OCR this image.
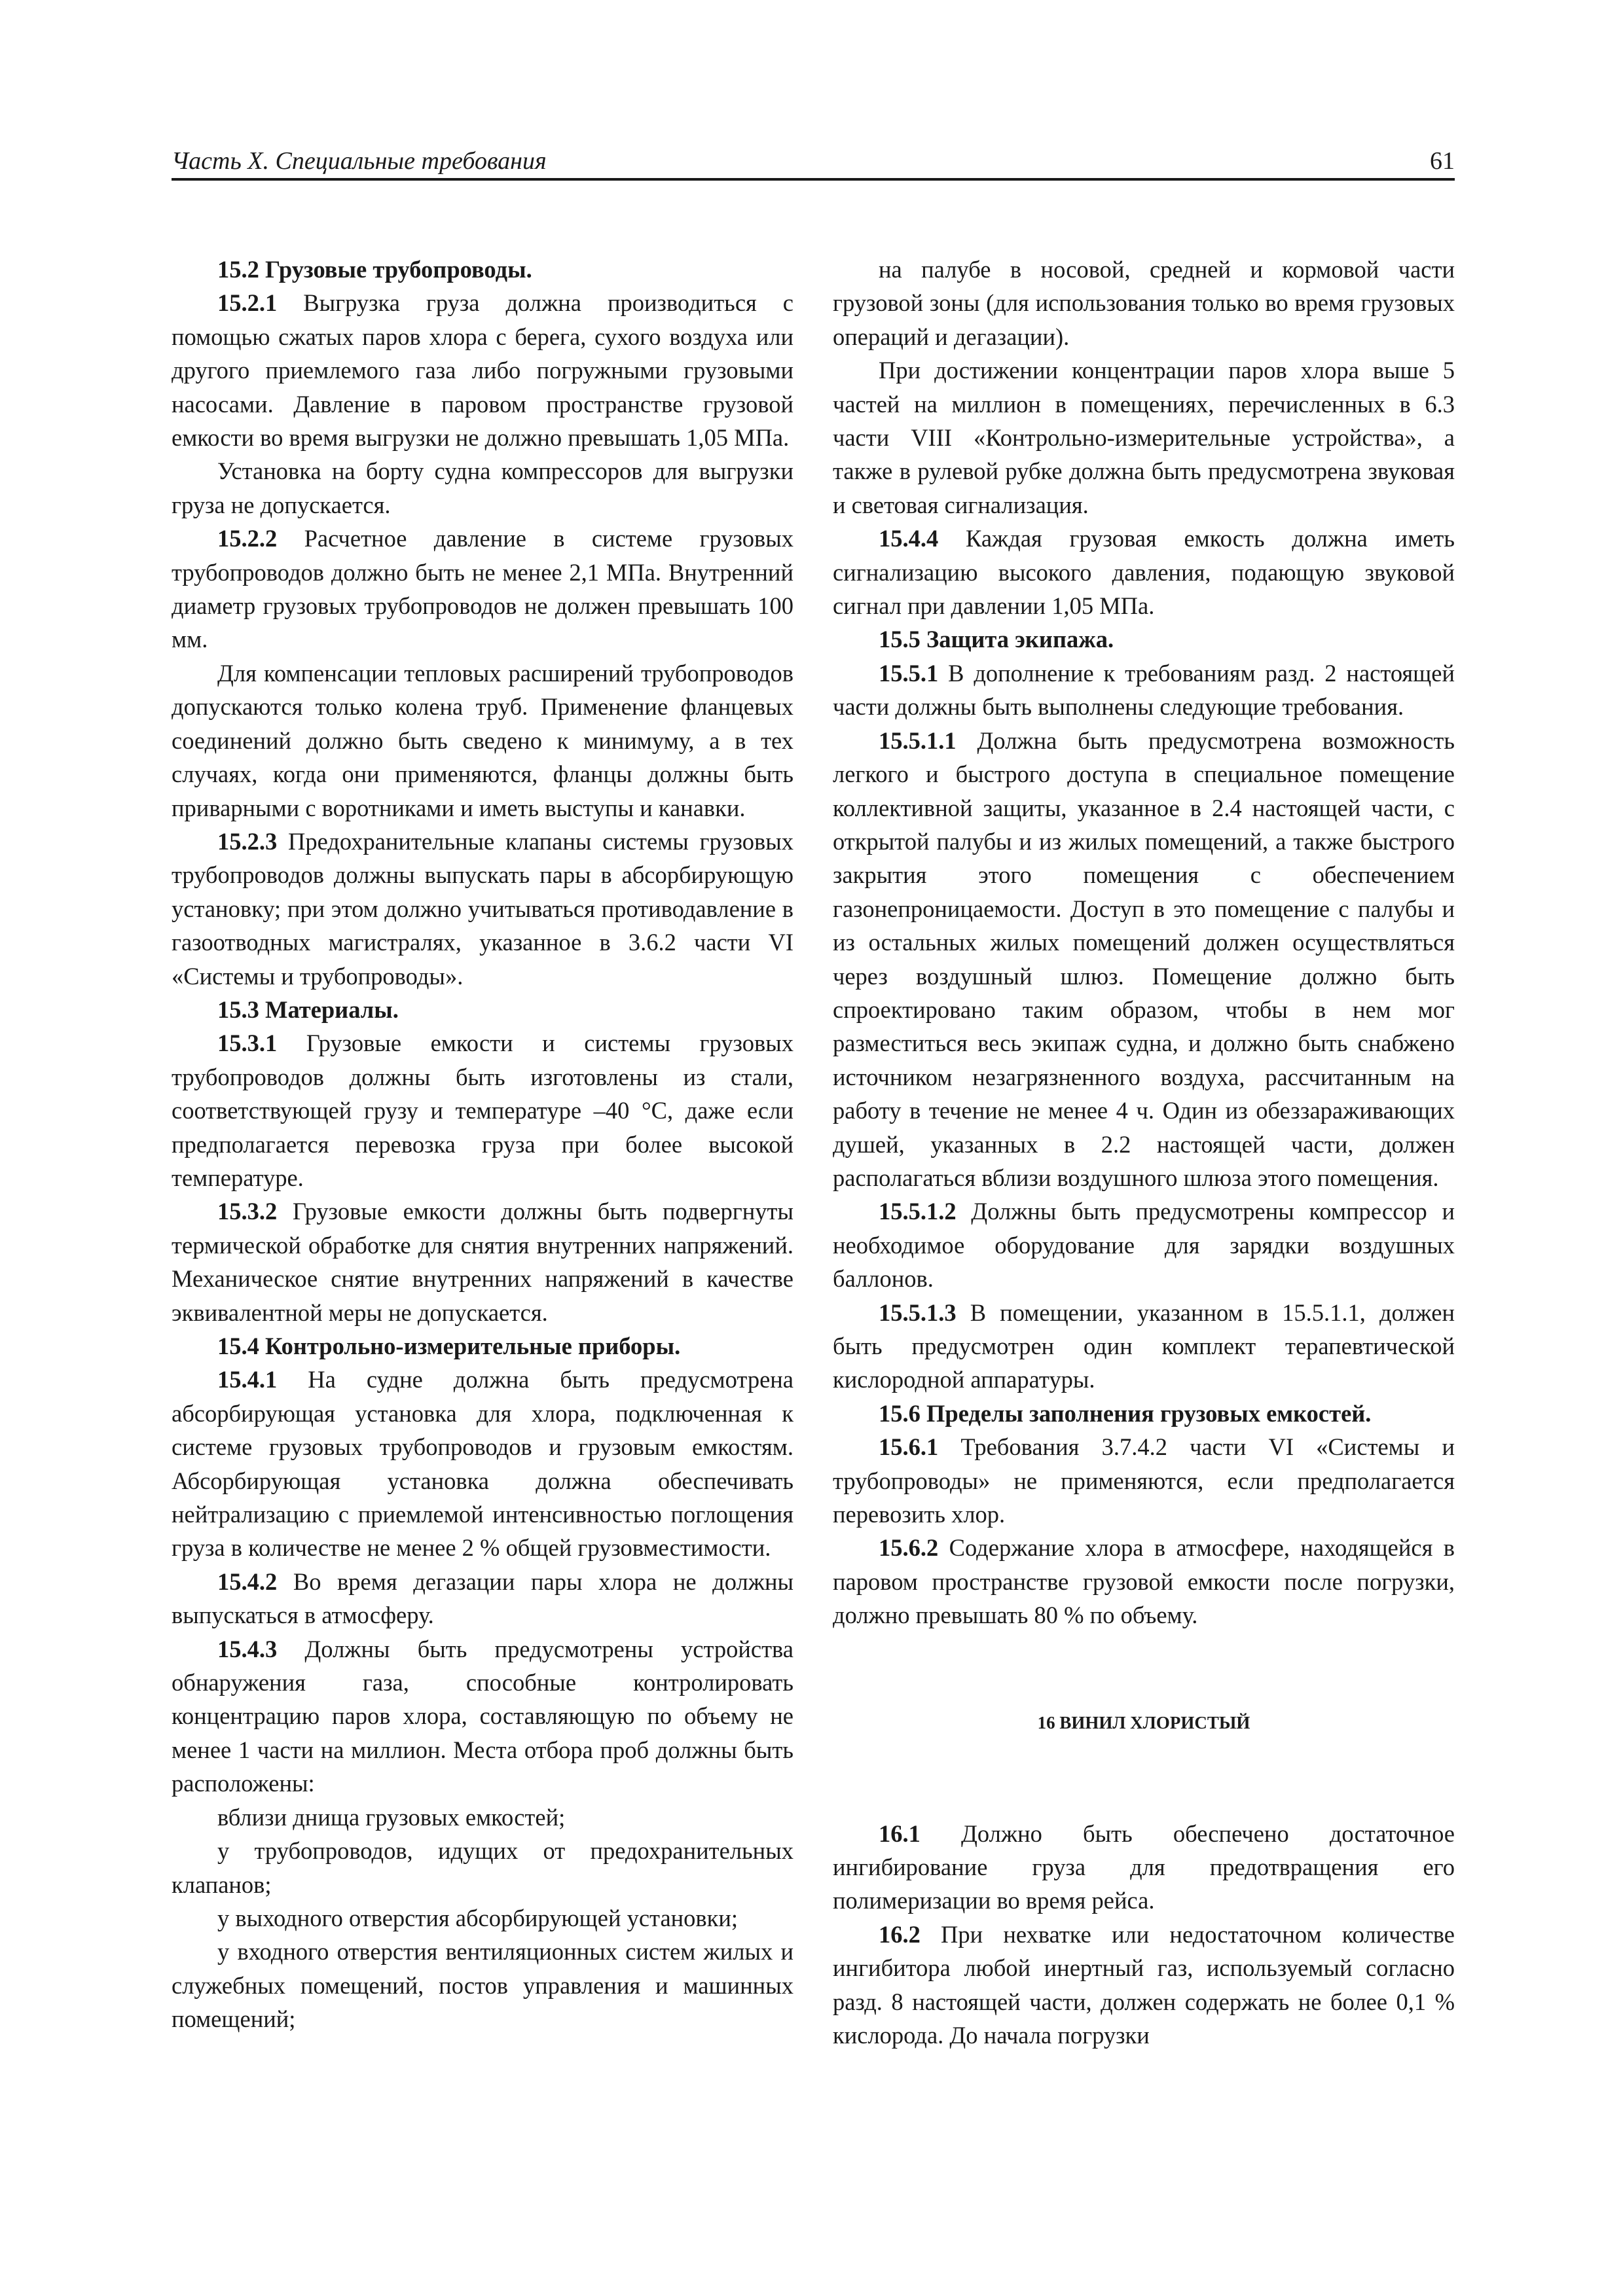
Часть X. Специальные требования	61

15.2 Грузовые трубопроводы.

15.2.1 Выгрузка груза должна производиться с помощью сжатых паров хлора с берега, сухого воздуха или другого приемлемого газа либо погружными грузовыми насосами. Давление в паровом пространстве грузовой емкости во время выгрузки не должно превышать 1,05 МПа.

Установка на борту судна компрессоров для выгрузки груза не допускается.

15.2.2 Расчетное давление в системе грузовых трубопроводов должно быть не менее 2,1 МПа. Внутренний диаметр грузовых трубопроводов не должен превышать 100 мм.

Для компенсации тепловых расширений трубопроводов допускаются только колена труб. Применение фланцевых соединений должно быть сведено к минимуму, а в тех случаях, когда они применяются, фланцы должны быть приварными с воротниками и иметь выступы и канавки.

15.2.3 Предохранительные клапаны системы грузовых трубопроводов должны выпускать пары в абсорбирующую установку; при этом должно учитываться противодавление в газоотводных магистралях, указанное в 3.6.2 части VI «Системы и трубопроводы».

15.3 Материалы.

15.3.1 Грузовые емкости и системы грузовых трубопроводов должны быть изготовлены из стали, соответствующей грузу и температуре –40 °С, даже если предполагается перевозка груза при более высокой температуре.

15.3.2 Грузовые емкости должны быть подвергнуты термической обработке для снятия внутренних напряжений. Механическое снятие внутренних напряжений в качестве эквивалентной меры не допускается.

15.4 Контрольно-измерительные приборы.

15.4.1 На судне должна быть предусмотрена абсорбирующая установка для хлора, подключенная к системе грузовых трубопроводов и грузовым емкостям. Абсорбирующая установка должна обеспечивать нейтрализацию с приемлемой интенсивностью поглощения груза в количестве не менее 2 % общей грузовместимости.

15.4.2 Во время дегазации пары хлора не должны выпускаться в атмосферу.

15.4.3 Должны быть предусмотрены устройства обнаружения газа, способные контролировать концентрацию паров хлора, составляющую по объему не менее 1 части на миллион. Места отбора проб должны быть расположены:

вблизи днища грузовых емкостей;

у трубопроводов, идущих от предохранительных клапанов;

у выходного отверстия абсорбирующей установки;

у входного отверстия вентиляционных систем жилых и служебных помещений, постов управления и машинных помещений;

на палубе в носовой, средней и кормовой части грузовой зоны (для использования только во время грузовых операций и дегазации).

При достижении концентрации паров хлора выше 5 частей на миллион в помещениях, перечисленных в 6.3 части VIII «Контрольно-измерительные устройства», а также в рулевой рубке должна быть предусмотрена звуковая и световая сигнализация.

15.4.4 Каждая грузовая емкость должна иметь сигнализацию высокого давления, подающую звуковой сигнал при давлении 1,05 МПа.

15.5 Защита экипажа.

15.5.1 В дополнение к требованиям разд. 2 настоящей части должны быть выполнены следующие требования.

15.5.1.1 Должна быть предусмотрена возможность легкого и быстрого доступа в специальное помещение коллективной защиты, указанное в 2.4 настоящей части, с открытой палубы и из жилых помещений, а также быстрого закрытия этого помещения с обеспечением газонепроницаемости. Доступ в это помещение с палубы и из остальных жилых помещений должен осуществляться через воздушный шлюз. Помещение должно быть спроектировано таким образом, чтобы в нем мог разместиться весь экипаж судна, и должно быть снабжено источником незагрязненного воздуха, рассчитанным на работу в течение не менее 4 ч. Один из обеззараживающих душей, указанных в 2.2 настоящей части, должен располагаться вблизи воздушного шлюза этого помещения.

15.5.1.2 Должны быть предусмотрены компрессор и необходимое оборудование для зарядки воздушных баллонов.

15.5.1.3 В помещении, указанном в 15.5.1.1, должен быть предусмотрен один комплект терапевтической кислородной аппаратуры.

15.6 Пределы заполнения грузовых емкостей.

15.6.1 Требования 3.7.4.2 части VI «Системы и трубопроводы» не применяются, если предполагается перевозить хлор.

15.6.2 Содержание хлора в атмосфере, находящейся в паровом пространстве грузовой емкости после погрузки, должно превышать 80 % по объему.

16 ВИНИЛ ХЛОРИСТЫЙ

16.1 Должно быть обеспечено достаточное ингибирование груза для предотвращения его полимеризации во время рейса.

16.2 При нехватке или недостаточном количестве ингибитора любой инертный газ, используемый согласно разд. 8 настоящей части, должен содержать не более 0,1 % кислорода. До начала погрузки
